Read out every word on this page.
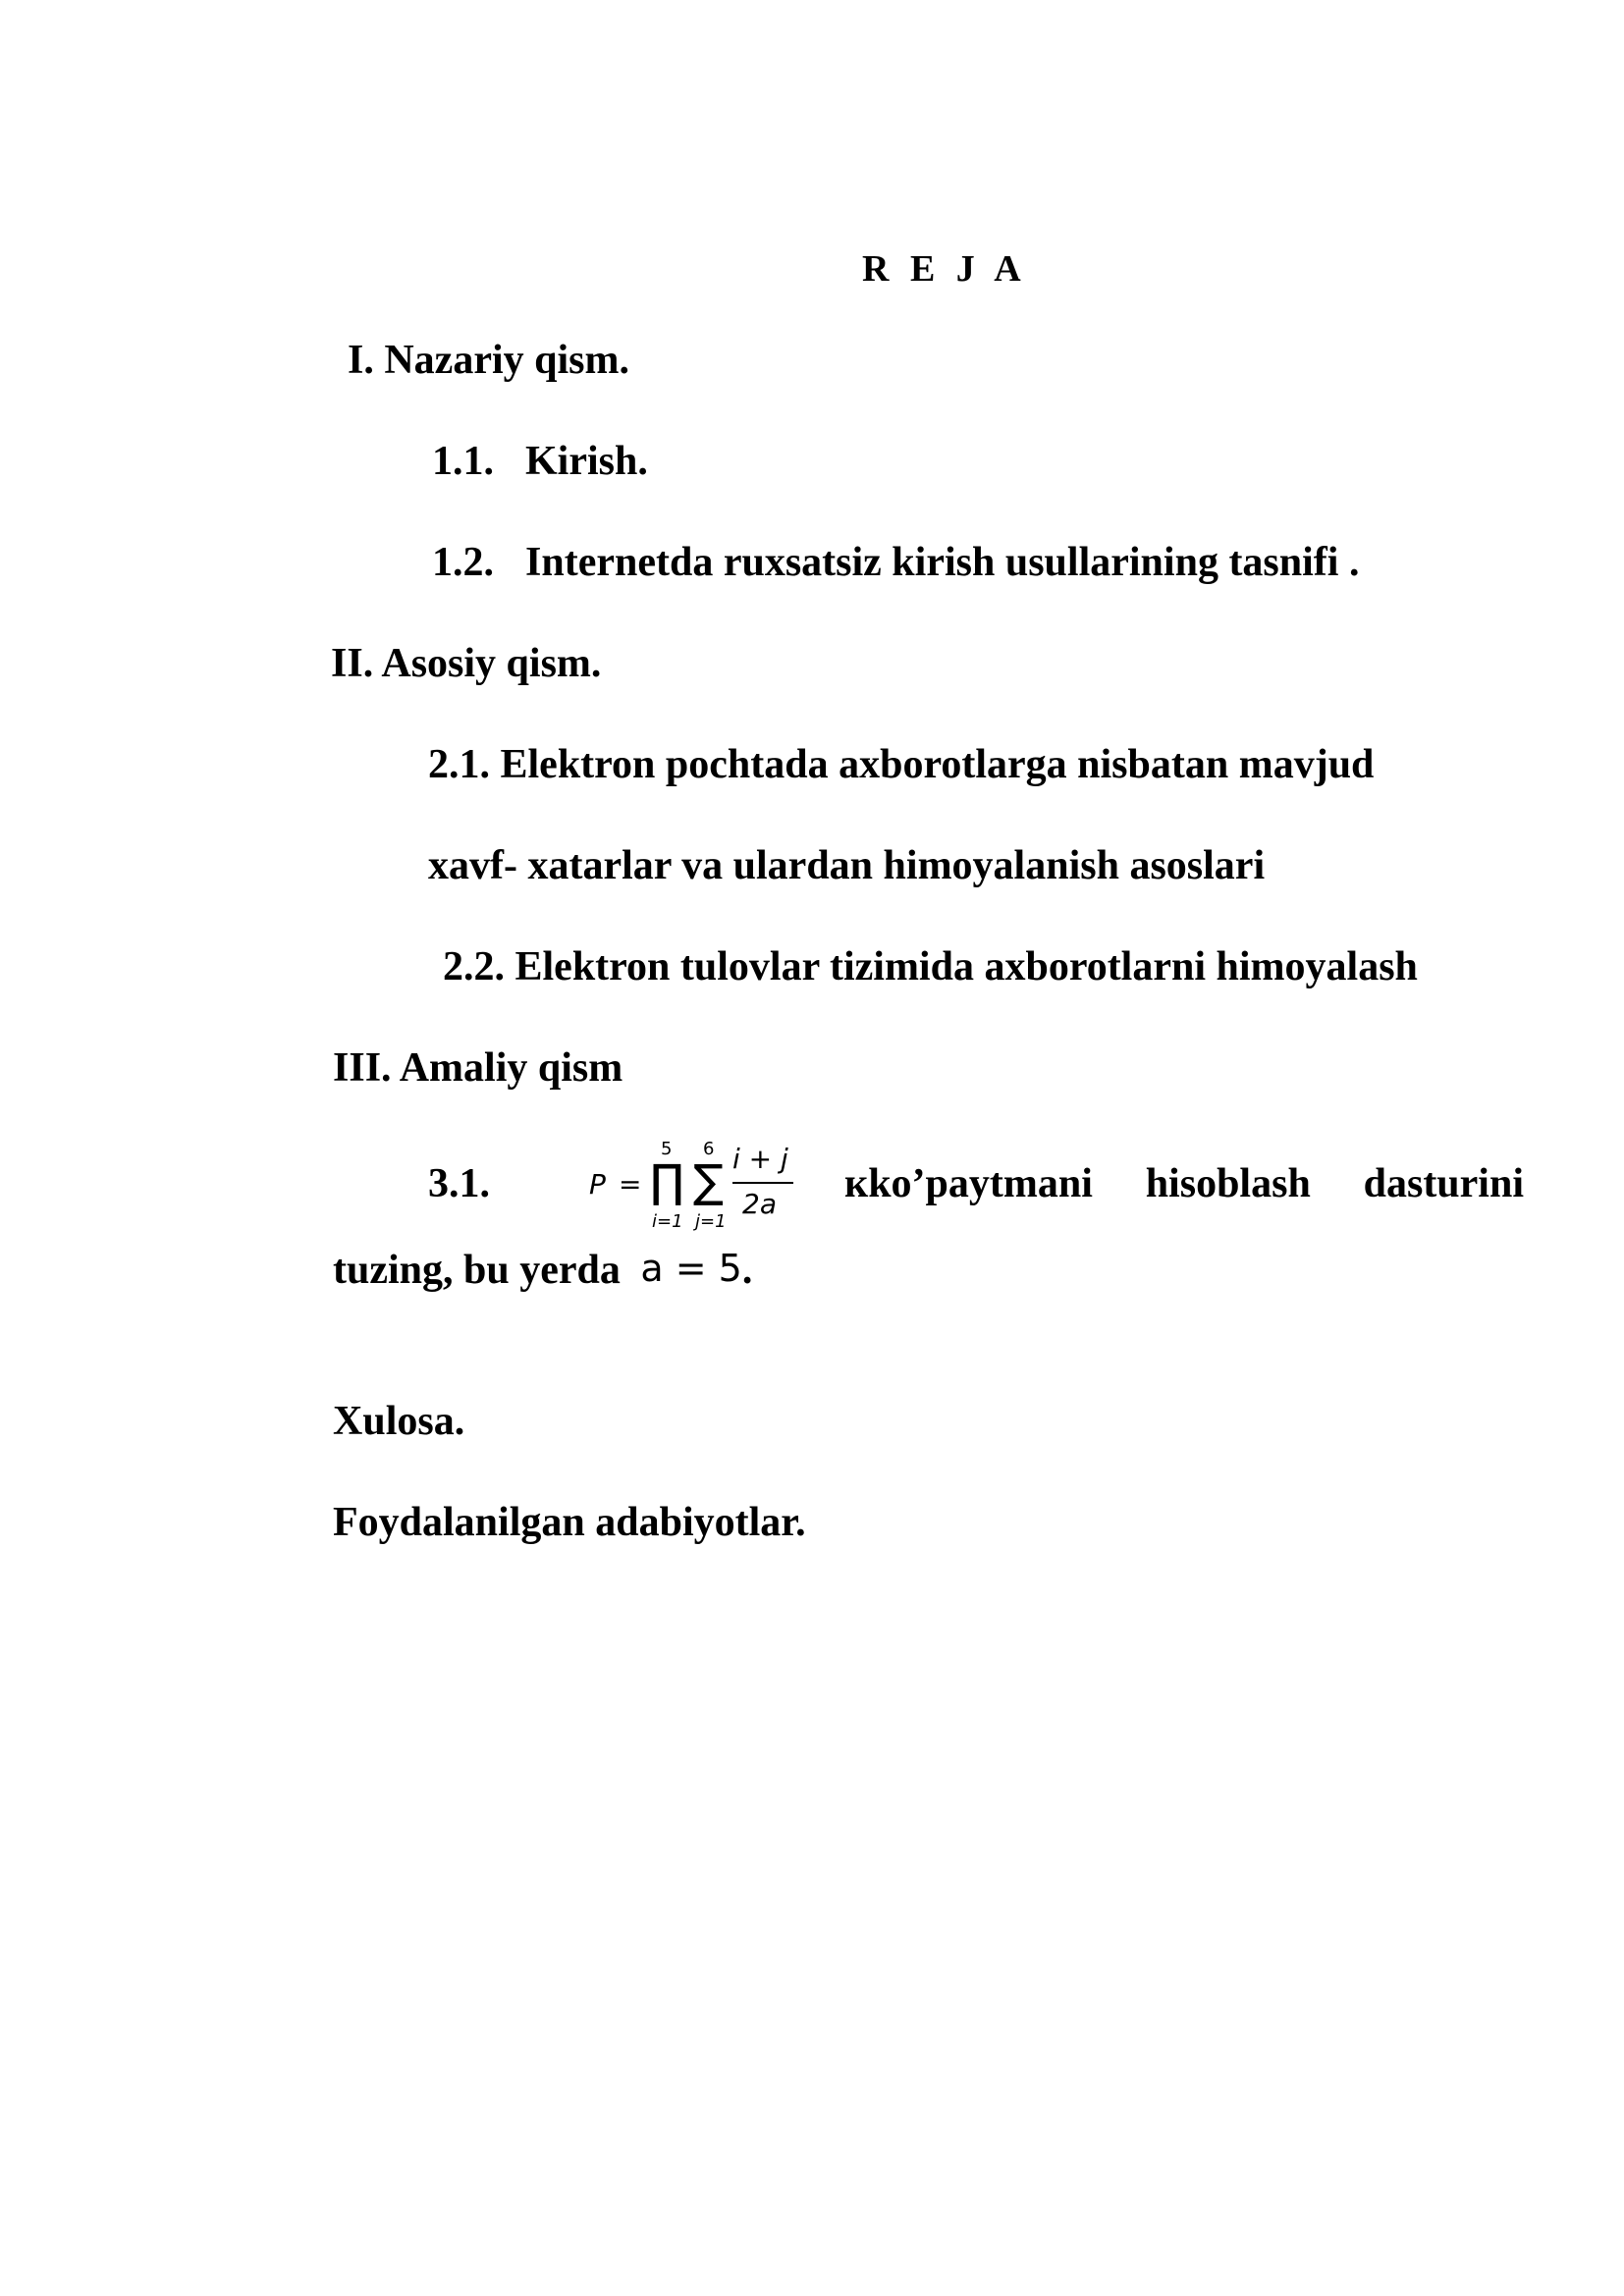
R E J A
I. Nazariy qism.
1.1. Kirish.
1.2. Internetda ruxsatsiz kirish usullarining tasnifi .
II. Asosiy qism.
2.1. Elektron pochtada axborotlarga nisbatan mavjud
xavf- xatarlar va ulardan himoyalanish asoslari
2.2. Elektron tulovlar tizimida axborotlarni himoyalash
III. Amaliy qism
3.1.	P = ∏
5
i=1
∑
6
j=1
i + j
2a кko’paytmani hisoblash dasturini
tuzing, bu yerda a = 5.
Xulosa.
Foydalanilgan adabiyotlar.
